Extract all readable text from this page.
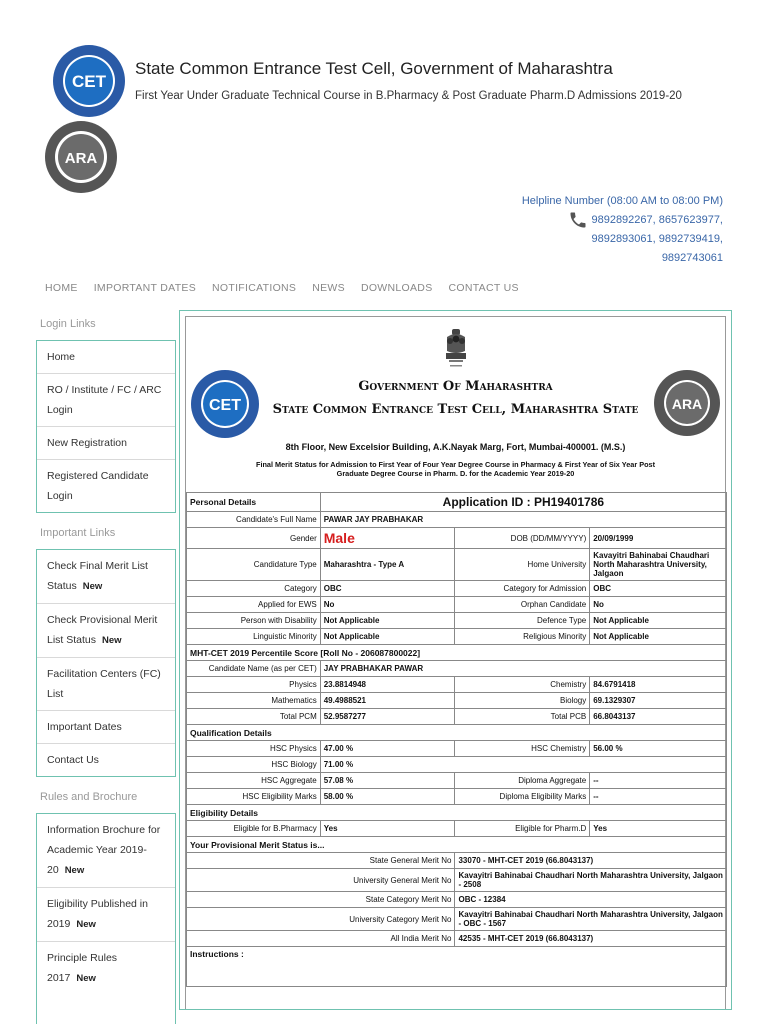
CET
ARA
State Common Entrance Test Cell, Government of Maharashtra
First Year Under Graduate Technical Course in B.Pharmacy & Post Graduate Pharm.D Admissions 2019-20
Helpline Number (08:00 AM to 08:00 PM)
9892892267, 8657623977,
9892893061, 9892739419,
9892743061
HOME IMPORTANT DATES NOTIFICATIONS NEWS DOWNLOADS CONTACT US
Login Links
Home
RO / Institute / FC / ARC Login
New Registration
Registered Candidate Login
Important Links
Check Final Merit List Status New
Check Provisional Merit List Status New
Facilitation Centers (FC) List
Important Dates
Contact Us
Rules and Brochure
Information Brochure for Academic Year 2019-20 New
Eligibility Published in 2019 New
Principle Rules 2017 New
CET	ARA
Government Of Maharashtra
State Common Entrance Test Cell, Maharashtra State
8th Floor, New Excelsior Building, A.K.Nayak Marg, Fort, Mumbai-400001. (M.S.)
Final Merit Status for Admission to First Year of Four Year Degree Course in Pharmacy & First Year of Six Year Post Graduate Degree Course in Pharm. D. for the Academic Year 2019-20
Personal Details	Application ID : PH19401786		
Candidate's Full Name	PAWAR JAY PRABHAKAR		
Gender	Male	DOB (DD/MM/YYYY)	20/09/1999
Candidature Type	Maharashtra - Type A	Home University	Kavayitri Bahinabai Chaudhari North Maharashtra University, Jalgaon
Category	OBC	Category for Admission	OBC
Applied for EWS	No	Orphan Candidate	No
Person with Disability	Not Applicable	Defence Type	Not Applicable
Linguistic Minority	Not Applicable	Religious Minority	Not Applicable
MHT-CET 2019 Percentile Score [Roll No - 206087800022]			
Candidate Name (as per CET)	JAY PRABHAKAR PAWAR		
Physics	23.8814948	Chemistry	84.6791418
Mathematics	49.4988521	Biology	69.1329307
Total PCM	52.9587277	Total PCB	66.8043137
Qualification Details			
HSC Physics	47.00 %	HSC Chemistry	56.00 %
HSC Biology	71.00 %		
HSC Aggregate	57.08 %	Diploma Aggregate	--
HSC Eligibility Marks	58.00 %	Diploma Eligibility Marks	--
Eligibility Details			
Eligible for B.Pharmacy	Yes	Eligible for Pharm.D	Yes
Your Provisional Merit Status is...			
State General Merit No		33070 - MHT-CET 2019 (66.8043137)	
University General Merit No		Kavayitri Bahinabai Chaudhari North Maharashtra University, Jalgaon - 2508	
State Category Merit No		OBC - 12384	
University Category Merit No		Kavayitri Bahinabai Chaudhari North Maharashtra University, Jalgaon - OBC - 1567	
All India Merit No		42535 - MHT-CET 2019 (66.8043137)	
Instructions :			
